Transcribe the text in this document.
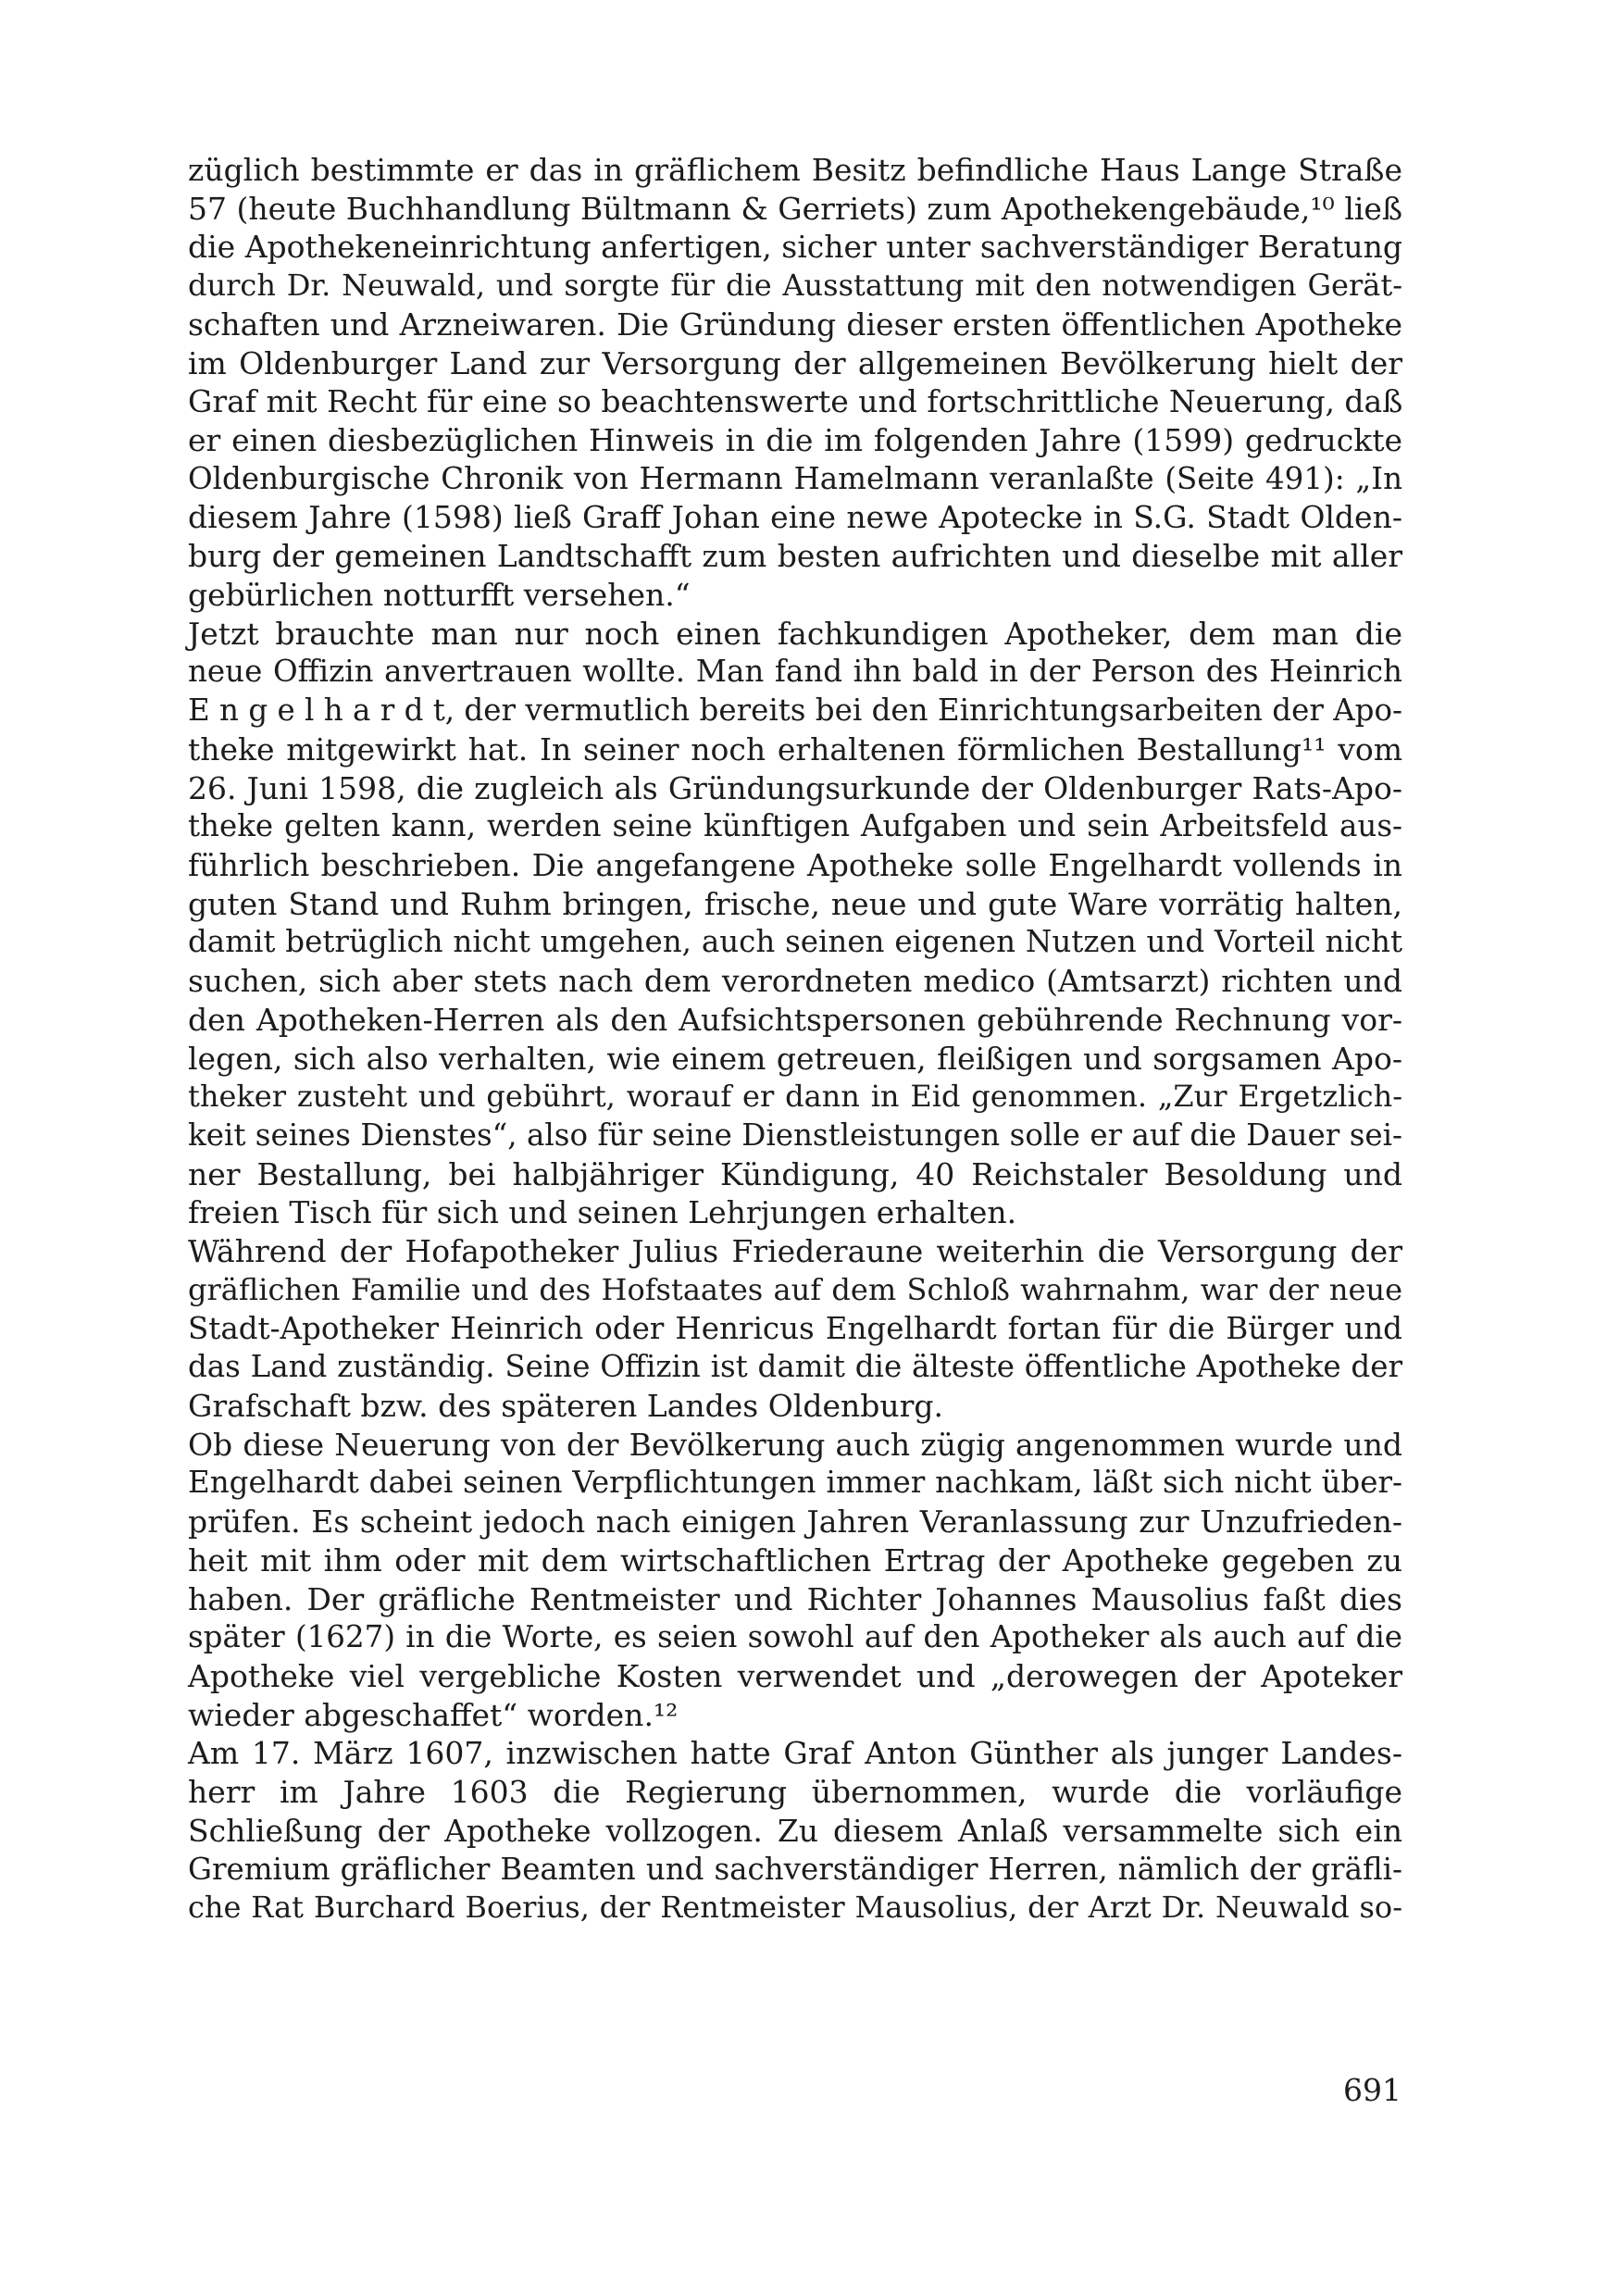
züglich bestimmte er das in gräflichem Besitz befindliche Haus Lange Straße
57 (heute Buchhandlung Bültmann & Gerriets) zum Apothekengebäude,¹⁰ ließ
die Apothekeneinrichtung anfertigen, sicher unter sachverständiger Beratung
durch Dr. Neuwald, und sorgte für die Ausstattung mit den notwendigen Gerät-
schaften und Arzneiwaren. Die Gründung dieser ersten öffentlichen Apotheke
im Oldenburger Land zur Versorgung der allgemeinen Bevölkerung hielt der
Graf mit Recht für eine so beachtenswerte und fortschrittliche Neuerung, daß
er einen diesbezüglichen Hinweis in die im folgenden Jahre (1599) gedruckte
Oldenburgische Chronik von Hermann Hamelmann veranlaßte (Seite 491): „In
diesem Jahre (1598) ließ Graff Johan eine newe Apotecke in S.G. Stadt Olden-
burg der gemeinen Landtschafft zum besten aufrichten und dieselbe mit aller
gebürlichen notturfft versehen.“
Jetzt brauchte man nur noch einen fachkundigen Apotheker, dem man die
neue Offizin anvertrauen wollte. Man fand ihn bald in der Person des Heinrich
E n g e l h a r d t, der vermutlich bereits bei den Einrichtungsarbeiten der Apo-
theke mitgewirkt hat. In seiner noch erhaltenen förmlichen Bestallung¹¹ vom
26. Juni 1598, die zugleich als Gründungsurkunde der Oldenburger Rats-Apo-
theke gelten kann, werden seine künftigen Aufgaben und sein Arbeitsfeld aus-
führlich beschrieben. Die angefangene Apotheke solle Engelhardt vollends in
guten Stand und Ruhm bringen, frische, neue und gute Ware vorrätig halten,
damit betrüglich nicht umgehen, auch seinen eigenen Nutzen und Vorteil nicht
suchen, sich aber stets nach dem verordneten medico (Amtsarzt) richten und
den Apotheken-Herren als den Aufsichtspersonen gebührende Rechnung vor-
legen, sich also verhalten, wie einem getreuen, fleißigen und sorgsamen Apo-
theker zusteht und gebührt, worauf er dann in Eid genommen. „Zur Ergetzlich-
keit seines Dienstes“, also für seine Dienstleistungen solle er auf die Dauer sei-
ner Bestallung, bei halbjähriger Kündigung, 40 Reichstaler Besoldung und
freien Tisch für sich und seinen Lehrjungen erhalten.
Während der Hofapotheker Julius Friederaune weiterhin die Versorgung der
gräflichen Familie und des Hofstaates auf dem Schloß wahrnahm, war der neue
Stadt-Apotheker Heinrich oder Henricus Engelhardt fortan für die Bürger und
das Land zuständig. Seine Offizin ist damit die älteste öffentliche Apotheke der
Grafschaft bzw. des späteren Landes Oldenburg.
Ob diese Neuerung von der Bevölkerung auch zügig angenommen wurde und
Engelhardt dabei seinen Verpflichtungen immer nachkam, läßt sich nicht über-
prüfen. Es scheint jedoch nach einigen Jahren Veranlassung zur Unzufrieden-
heit mit ihm oder mit dem wirtschaftlichen Ertrag der Apotheke gegeben zu
haben. Der gräfliche Rentmeister und Richter Johannes Mausolius faßt dies
später (1627) in die Worte, es seien sowohl auf den Apotheker als auch auf die
Apotheke viel vergebliche Kosten verwendet und „derowegen der Apoteker
wieder abgeschaffet“ worden.¹²
Am 17. März 1607, inzwischen hatte Graf Anton Günther als junger Landes-
herr im Jahre 1603 die Regierung übernommen, wurde die vorläufige
Schließung der Apotheke vollzogen. Zu diesem Anlaß versammelte sich ein
Gremium gräflicher Beamten und sachverständiger Herren, nämlich der gräfli-
che Rat Burchard Boerius, der Rentmeister Mausolius, der Arzt Dr. Neuwald so-
691
